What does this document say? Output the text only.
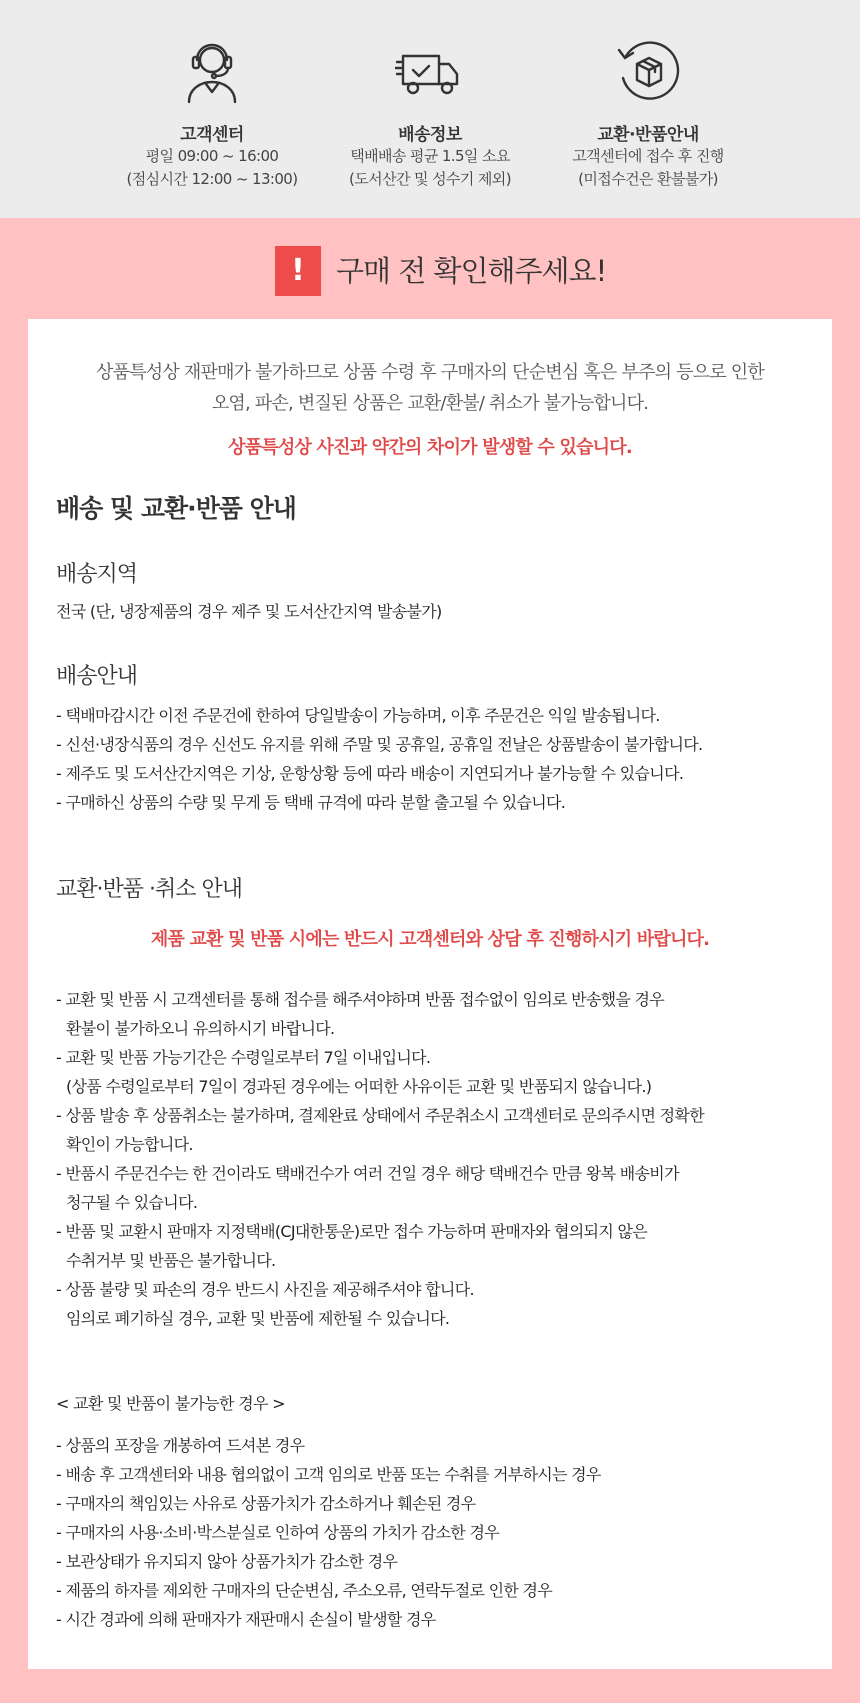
고객센터
평일 09:00 ~ 16:00
(점심시간 12:00 ~ 13:00)
배송정보
택배배송 평균 1.5일 소요
(도서산간 및 성수기 제외)
교환·반품안내
고객센터에 접수 후 진행
(미접수건은 환불불가)
!	구매 전 확인해주세요!
상품특성상 재판매가 불가하므로 상품 수령 후 구매자의 단순변심 혹은 부주의 등으로 인한
오염, 파손, 변질된 상품은 교환/환불/ 취소가 불가능합니다.
상품특성상 사진과 약간의 차이가 발생할 수 있습니다.
배송 및 교환·반품 안내
배송지역
전국 (단, 냉장제품의 경우 제주 및 도서산간지역 발송불가)
배송안내
- 택배마감시간 이전 주문건에 한하여 당일발송이 가능하며, 이후 주문건은 익일 발송됩니다.
- 신선·냉장식품의 경우 신선도 유지를 위해 주말 및 공휴일, 공휴일 전날은 상품발송이 불가합니다.
- 제주도 및 도서산간지역은 기상, 운항상황 등에 따라 배송이 지연되거나 불가능할 수 있습니다.
- 구매하신 상품의 수량 및 무게 등 택배 규격에 따라 분할 출고될 수 있습니다.
교환·반품 ·취소 안내
제품 교환 및 반품 시에는 반드시 고객센터와 상담 후 진행하시기 바랍니다.
- 교환 및 반품 시 고객센터를 통해 접수를 해주셔야하며 반품 접수없이 임의로 반송했을 경우
환불이 불가하오니 유의하시기 바랍니다.
- 교환 및 반품 가능기간은 수령일로부터 7일 이내입니다.
(상품 수령일로부터 7일이 경과된 경우에는 어떠한 사유이든 교환 및 반품되지 않습니다.)
- 상품 발송 후 상품취소는 불가하며, 결제완료 상태에서 주문취소시 고객센터로 문의주시면 정확한
확인이 가능합니다.
- 반품시 주문건수는 한 건이라도 택배건수가 여러 건일 경우 해당 택배건수 만큼 왕복 배송비가
청구될 수 있습니다.
- 반품 및 교환시 판매자 지정택배(CJ대한통운)로만 접수 가능하며 판매자와 협의되지 않은
수취거부 및 반품은 불가합니다.
- 상품 불량 및 파손의 경우 반드시 사진을 제공해주셔야 합니다.
임의로 폐기하실 경우, 교환 및 반품에 제한될 수 있습니다.
< 교환 및 반품이 불가능한 경우 >
- 상품의 포장을 개봉하여 드셔본 경우
- 배송 후 고객센터와 내용 협의없이 고객 임의로 반품 또는 수취를 거부하시는 경우
- 구매자의 책임있는 사유로 상품가치가 감소하거나 훼손된 경우
- 구매자의 사용·소비·박스분실로 인하여 상품의 가치가 감소한 경우
- 보관상태가 유지되지 않아 상품가치가 감소한 경우
- 제품의 하자를 제외한 구매자의 단순변심, 주소오류, 연락두절로 인한 경우
- 시간 경과에 의해 판매자가 재판매시 손실이 발생할 경우
